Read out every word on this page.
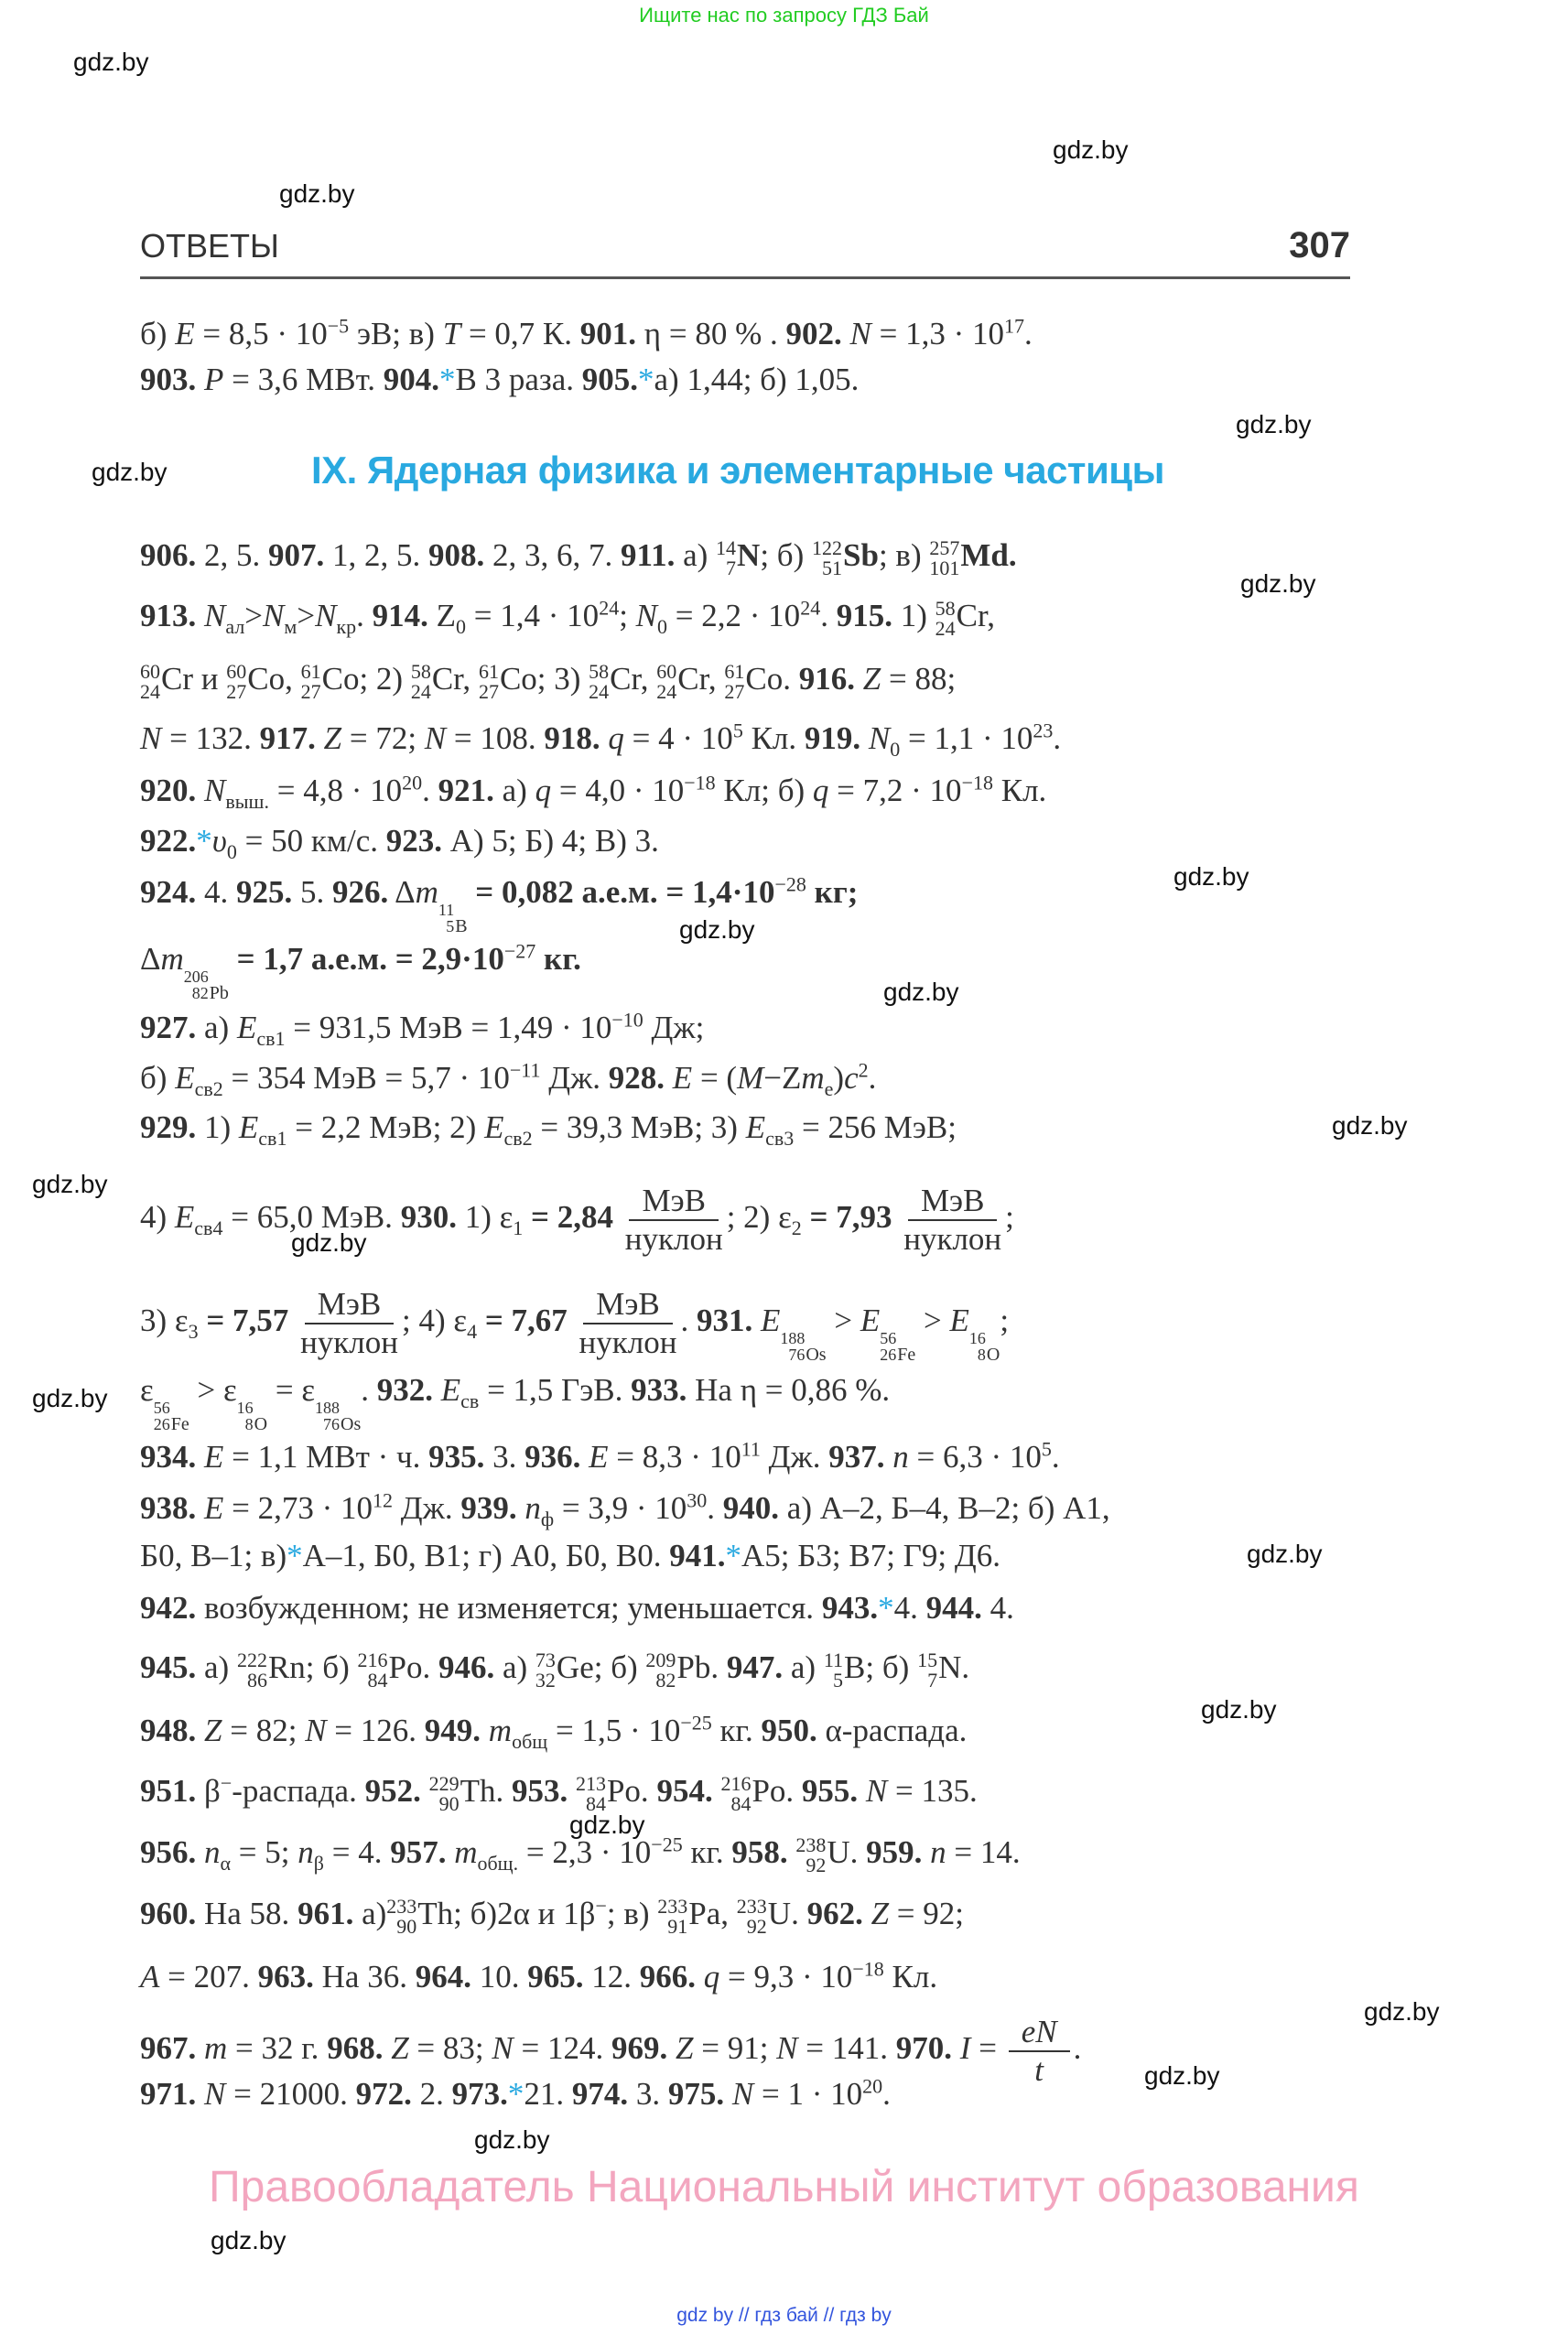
Ищите нас по запросу ГДЗ Бай
ОТВЕТЫ	307
IX. Ядерная физика и элементарные частицы
б) $E = 8,5 \cdot 10^{-5}$ эВ; в) T = 0,7 К. 901. η = 80 % . 902. $N = 1,3 \cdot 10^{17}$.
903. P = 3,6 МВт. 904.*В 3 раза. 905.*а) 1,44; б) 1,05.
906. 2, 5. 907. 1, 2, 5. 908. 2, 3, 6, 7. 911. а) 14
7 N; б) 122
51 Sb; в) 257
101 Md.
913. $N_{ал}>N_м>N_{кр}$. 914. $Z_0 = 1,4 \cdot 10^{24}$; $N_0 = 2,2 \cdot 10^{24}$. 915. 1) 58
24 Cr,
60
24 Cr и 60
27 Co, 61
27 Co; 2) 58
24 Cr, 61
27 Co; 3) 58
24 Cr, 60
24 Cr, 61
27 Co. 916. Z = 88;
N = 132. 917. Z = 72; N = 108. 918. $q = 4 \cdot 10^5$ Кл. 919. $N_0 = 1,1 \cdot 10^{23}$.
920. $N_{выш.} = 4,8 \cdot 10^{20}$. 921. а) $q = 4,0 \cdot 10^{-18}$ Кл; б) $q = 7,2 \cdot 10^{-18}$ Кл.
$922.*\upsilon_0 = 50$ км/с. 923. А) 5; Б) 4; В) 3.
924. 4. 925. 5. 926. Δm 11
5 B
= 0,082 а.е.м. = $1,4\cdot 10^{-28}$ кг;
Δm 206
82 Pb
= 1,7 а.е.м. = $2,9\cdot 10^{-27}$ кг.
927. а) $E_{св1} = 931,5$ МэВ = $1,49 \cdot 10^{-10}$ Дж;
б) $E_{св2} = 354$ МэВ = $5,7 \cdot 10^{-11}$ Дж. 928. $E = (M-Zm_e)c^2$.
929. 1) $E_{св1} = 2,2$ МэВ; 2) $E_{св2} = 39,3$ МэВ; 3) $E_{св3} = 256$ МэВ;
4) $E_{св4} = 65,0$ МэВ. 930. 1) $\varepsilon_1 = 2,84 \frac{\text{МэВ}}{\text{нуклон}}$ ; 2) $\varepsilon_2 = 7,93 \frac{\text{МэВ}}{\text{нуклон}}$ ;
3) $\varepsilon_3 = 7,57 \frac{\text{МэВ}}{\text{нуклон}}$ ; 4) $\varepsilon_4 = 7,67 \frac{\text{МэВ}}{\text{нуклон}}$ . 931. E 188
76 Os
> E 56
26 Fe
> E 16
8 O
;
ε 56
26 Fe
> ε 16
8 O
= ε 188
76 Os
. 932. $E_{св} = 1,5$ ГэВ. 933. На η = 0,86 %.
934. E = 1,1 МВт · ч. 935. 3. 936. $E = 8,3 \cdot 10^{11}$ Дж. 937. $n = 6,3 \cdot 10^5$.
938. $E = 2,73 \cdot 10^{12}$ Дж. 939. $n_ф = 3,9 \cdot 10^{30}$. 940. а) А–2, Б–4, В–2; б) А1,
Б0, В–1; в)*А–1, Б0, В1; г) А0, Б0, В0. 941.*А5; Б3; В7; Г9; Д6.
942. возбужденном; не изменяется; уменьшается. 943.*4. 944. 4.
945. а) 222
86 Rn; б) 216
84 Po. 946. а) 73
32 Ge; б) 209
82 Pb. 947. а) 11
5 B; б) 15
7 N.
948. Z = 82; N = 126. 949. $m_{общ} = 1,5 \cdot 10^{-25}$ кг. 950. α-распада.
951. β−-распада. 952. 229
90 Th. 953. 213
84 Po. 954. 216
84 Po. 955. N = 135.
956. $n_\alpha = 5$; $n_\beta = 4$. 957. $m_{общ.} = 2,3 \cdot 10^{-25}$ кг. 958. 238
92 U. 959. n = 14.
960. На 58. 961. а) 233
90 Th; б)2α и 1β−; в) 233
91 Pa, 233
92 U. 962. Z = 92;
A = 207. 963. На 36. 964. 10. 965. 12. 966. $q = 9,3 \cdot 10^{-18}$ Кл.
967. m = 32 г. 968. Z = 83; N = 124. 969. Z = 91; N = 141. 970. $I = \frac{eN}{t}$ .
971. N = 21000. 972. 2. 973.*21. 974. 3. 975. $N = 1 \cdot 10^{20}$.
gdz.by
gdz.by
gdz.by
gdz.by
gdz.by
gdz.by
gdz.by
gdz.by
gdz.by
gdz.by
gdz.by
gdz.by
gdz.by
gdz.by
gdz.by
gdz.by
gdz.by
gdz.by
gdz.by
gdz.by
Правообладатель Национальный институт образования
gdz by // гдз бай // гдз by
